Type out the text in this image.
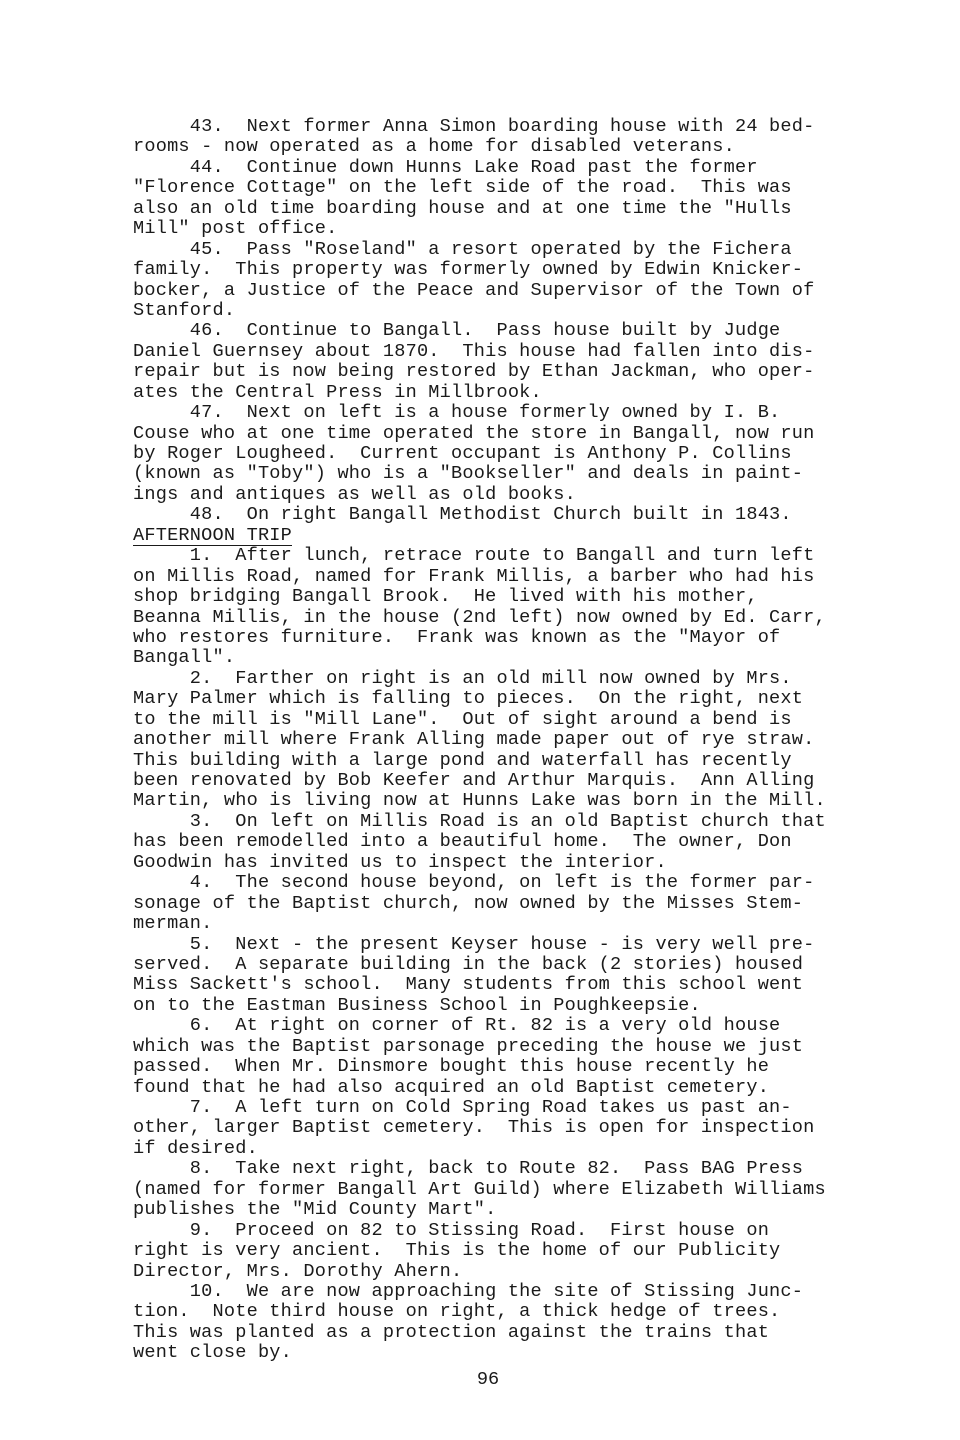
43.  Next former Anna Simon boarding house with 24 bed-
rooms - now operated as a home for disabled veterans.
44.  Continue down Hunns Lake Road past the former
"Florence Cottage" on the left side of the road.  This was
also an old time boarding house and at one time the "Hulls
Mill" post office.
45.  Pass "Roseland" a resort operated by the Fichera
family.  This property was formerly owned by Edwin Knicker-
bocker, a Justice of the Peace and Supervisor of the Town of
Stanford.
46.  Continue to Bangall.  Pass house built by Judge
Daniel Guernsey about 1870.  This house had fallen into dis-
repair but is now being restored by Ethan Jackman, who oper-
ates the Central Press in Millbrook.
47.  Next on left is a house formerly owned by I. B.
Couse who at one time operated the store in Bangall, now run
by Roger Lougheed.  Current occupant is Anthony P. Collins
(known as "Toby") who is a "Bookseller" and deals in paint-
ings and antiques as well as old books.
48.  On right Bangall Methodist Church built in 1843.
AFTERNOON TRIP
1.  After lunch, retrace route to Bangall and turn left
on Millis Road, named for Frank Millis, a barber who had his
shop bridging Bangall Brook.  He lived with his mother,
Beanna Millis, in the house (2nd left) now owned by Ed. Carr,
who restores furniture.  Frank was known as the "Mayor of
Bangall".
2.  Farther on right is an old mill now owned by Mrs.
Mary Palmer which is falling to pieces.  On the right, next
to the mill is "Mill Lane".  Out of sight around a bend is
another mill where Frank Alling made paper out of rye straw.
This building with a large pond and waterfall has recently
been renovated by Bob Keefer and Arthur Marquis.  Ann Alling
Martin, who is living now at Hunns Lake was born in the Mill.
3.  On left on Millis Road is an old Baptist church that
has been remodelled into a beautiful home.  The owner, Don
Goodwin has invited us to inspect the interior.
4.  The second house beyond, on left is the former par-
sonage of the Baptist church, now owned by the Misses Stem-
merman.
5.  Next - the present Keyser house - is very well pre-
served.  A separate building in the back (2 stories) housed
Miss Sackett's school.  Many students from this school went
on to the Eastman Business School in Poughkeepsie.
6.  At right on corner of Rt. 82 is a very old house
which was the Baptist parsonage preceding the house we just
passed.  When Mr. Dinsmore bought this house recently he
found that he had also acquired an old Baptist cemetery.
7.  A left turn on Cold Spring Road takes us past an-
other, larger Baptist cemetery.  This is open for inspection
if desired.
8.  Take next right, back to Route 82.  Pass BAG Press
(named for former Bangall Art Guild) where Elizabeth Williams
publishes the "Mid County Mart".
9.  Proceed on 82 to Stissing Road.  First house on
right is very ancient.  This is the home of our Publicity
Director, Mrs. Dorothy Ahern.
10.  We are now approaching the site of Stissing Junc-
tion.  Note third house on right, a thick hedge of trees.
This was planted as a protection against the trains that
went close by.
96
